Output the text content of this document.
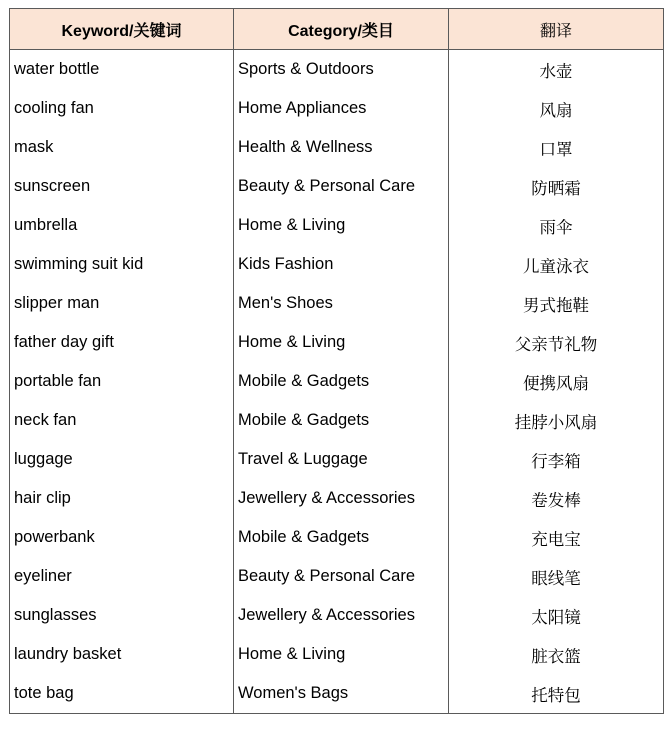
Keyword/关键词	Category/类目	翻译
water bottle	Sports & Outdoors	水壶
cooling fan	Home Appliances	风扇
mask	Health & Wellness	口罩
sunscreen	Beauty & Personal Care	防晒霜
umbrella	Home & Living	雨伞
swimming suit kid	Kids Fashion	儿童泳衣
slipper man	Men's Shoes	男式拖鞋
father day gift	Home & Living	父亲节礼物
portable fan	Mobile & Gadgets	便携风扇
neck fan	Mobile & Gadgets	挂脖小风扇
luggage	Travel & Luggage	行李箱
hair clip	Jewellery & Accessories	卷发棒
powerbank	Mobile & Gadgets	充电宝
eyeliner	Beauty & Personal Care	眼线笔
sunglasses	Jewellery & Accessories	太阳镜
laundry basket	Home & Living	脏衣篮
tote bag	Women's Bags	托特包
